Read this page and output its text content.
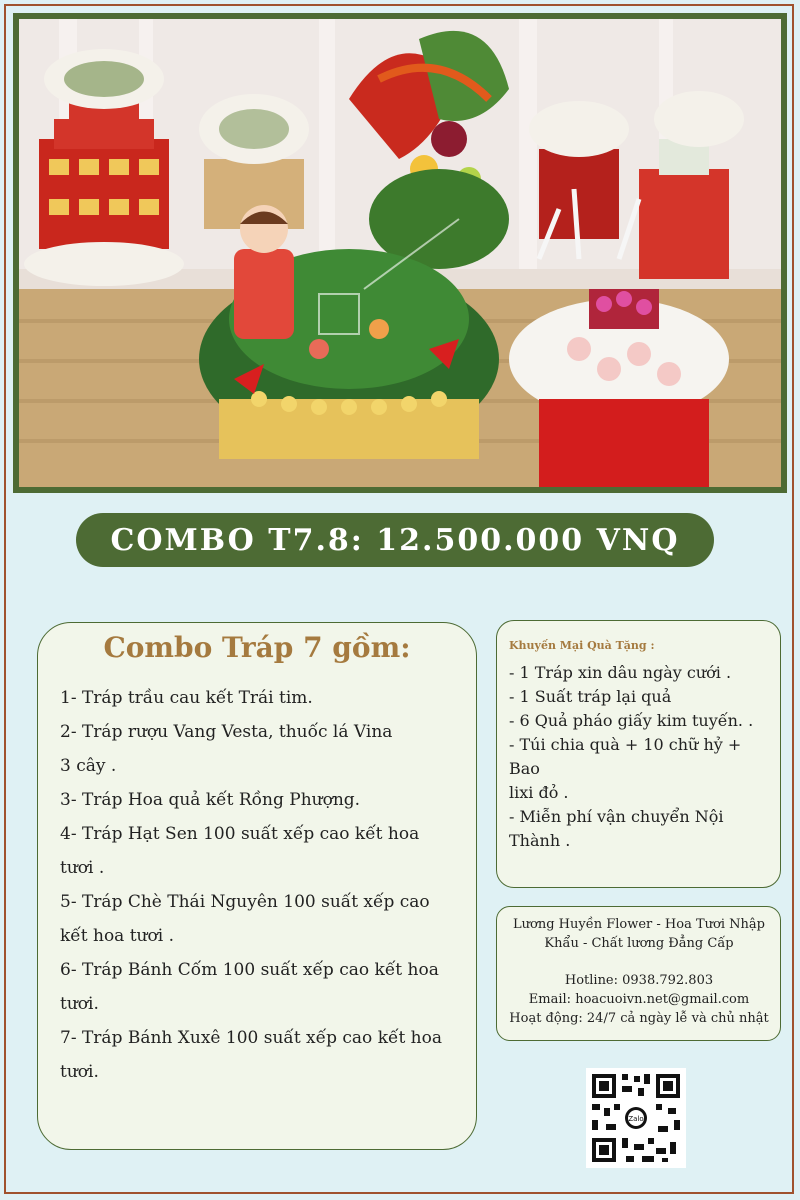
COMBO T7.8: 12.500.000 VNQ
Combo Tráp 7 gồm:
1- Tráp trầu cau kết Trái tim.
2- Tráp rượu Vang Vesta, thuốc lá Vina
3 cây .
3- Tráp Hoa quả kết Rồng Phượng.
4- Tráp Hạt Sen 100 suất xếp cao kết hoa
tươi .
5- Tráp Chè Thái Nguyên 100 suất xếp cao
kết hoa tươi .
6- Tráp Bánh Cốm 100 suất xếp cao kết hoa
tươi.
7- Tráp Bánh Xuxê 100 suất xếp cao kết hoa
tươi.
Khuyến Mại Quà Tặng :
- 1 Tráp xin dâu ngày cưới .
- 1 Suất tráp lại quả
- 6 Quả pháo giấy kim tuyến. .
- Túi chia quà + 10 chữ hỷ + Bao
lixi đỏ .
- Miễn phí vận chuyển Nội
Thành .
Lương Huyền Flower - Hoa Tươi Nhập
Khẩu - Chất lương Đẳng Cấp
Hotline: 0938.792.803
Email: hoacuoivn.net@gmail.com
Hoạt động: 24/7 cả ngày lễ và chủ nhật
Zalo
